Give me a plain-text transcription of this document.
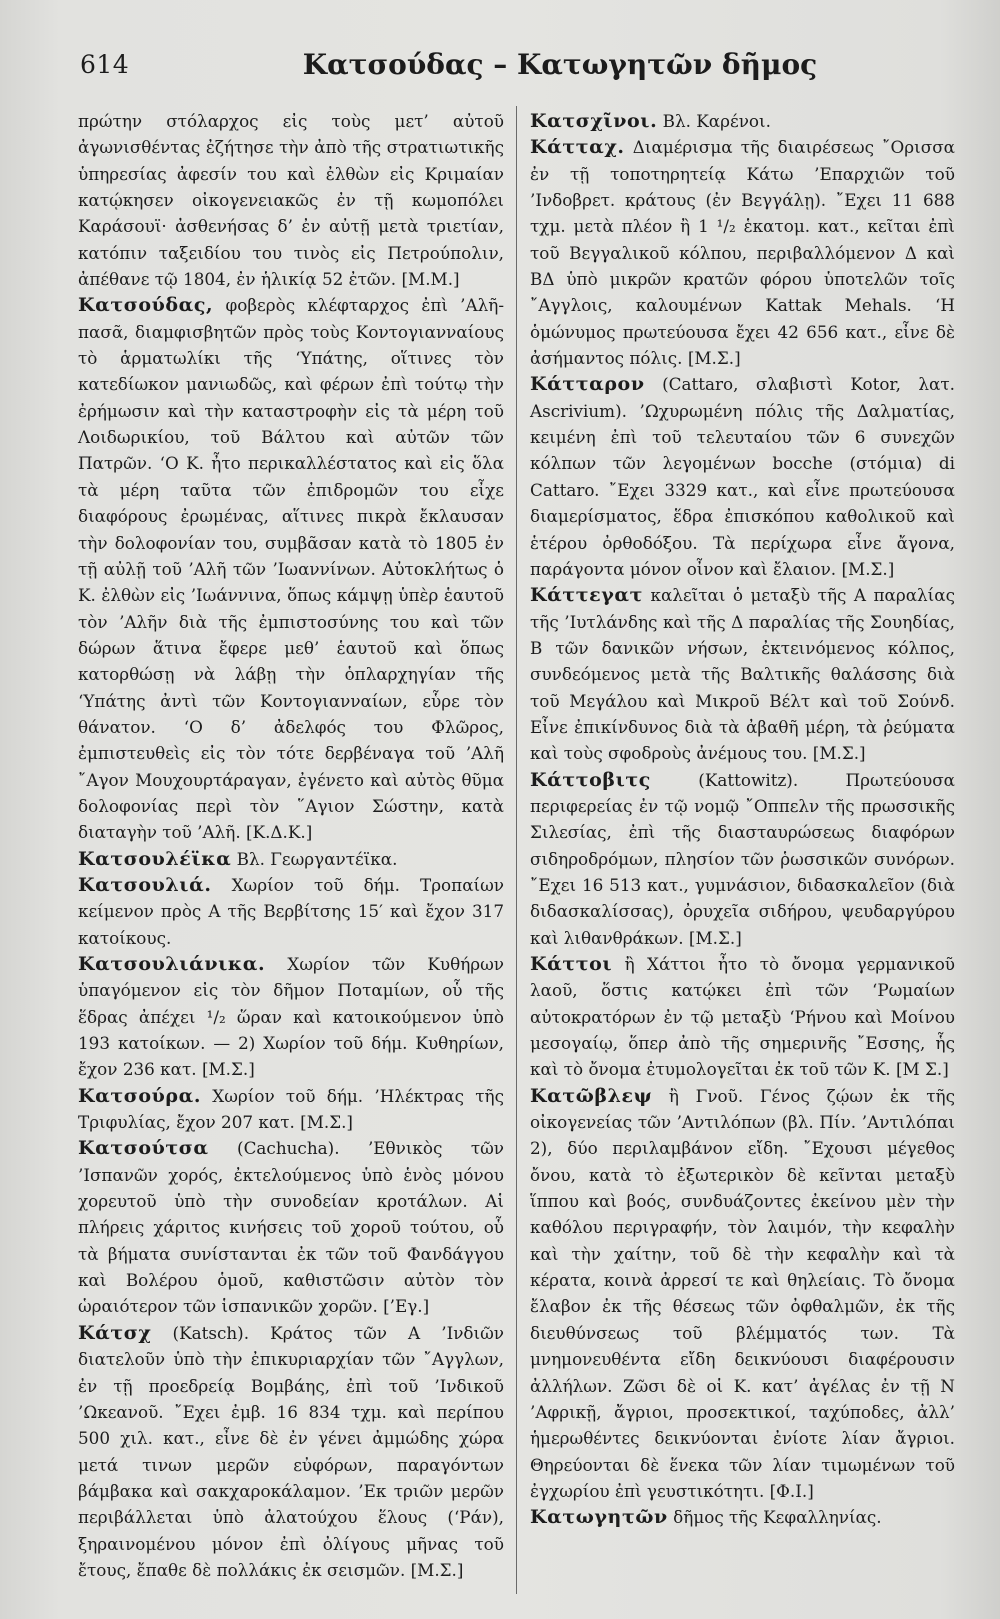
614	Κατσούδας – Κατωγητῶν δῆμος

πρώτην στόλαρχος εἰς τοὺς μετ’ αὐτοῦ ἀγωνισθέντας ἐζήτησε τὴν ἀπὸ τῆς στρατιωτικῆς ὑπηρεσίας ἀφεσίν του καὶ ἐλθὼν εἰς Κριμαίαν κατῴκησεν οἰκογενειακῶς ἐν τῇ κωμοπόλει Καράσουϊ· ἀσθενήσας δ’ ἐν αὐτῇ μετὰ τριετίαν, κατόπιν ταξειδίου του τινὸς εἰς Πετρούπολιν, ἀπέθανε τῷ 1804, ἐν ἡλικίᾳ 52 ἐτῶν. [Μ.Μ.]

Κατσούδας, φοβερὸς κλέφταρχος ἐπὶ ’Αλῆ-πασᾶ, διαμφισβητῶν πρὸς τοὺς Κοντογιανναίους τὸ ἁρματωλίκι τῆς ‘Υπάτης, οἵτινες τὸν κατεδίωκον μανιωδῶς, καὶ φέρων ἐπὶ τούτῳ τὴν ἐρήμωσιν καὶ τὴν καταστροφὴν εἰς τὰ μέρη τοῦ Λοιδωρικίου, τοῦ Βάλτου καὶ αὐτῶν τῶν Πατρῶν. ‘Ο Κ. ἦτο περικαλλέστατος καὶ εἰς ὅλα τὰ μέρη ταῦτα τῶν ἐπιδρομῶν του εἶχε διαφόρους ἐρωμένας, αἵτινες πικρὰ ἔκλαυσαν τὴν δολοφονίαν του, συμβᾶσαν κατὰ τὸ 1805 ἐν τῇ αὐλῇ τοῦ ’Αλῆ τῶν ’Ιωαννίνων. Αὐτοκλήτως ὁ Κ. ἐλθὼν εἰς ’Ιωάννινα, ὅπως κάμψῃ ὑπὲρ ἑαυτοῦ τὸν ’Αλῆν διὰ τῆς ἐμπιστοσύνης του καὶ τῶν δώρων ἅτινα ἔφερε μεθ’ ἑαυτοῦ καὶ ὅπως κατορθώσῃ νὰ λάβῃ τὴν ὁπλαρχηγίαν τῆς ‘Υπάτης ἀντὶ τῶν Κοντογιανναίων, εὗρε τὸν θάνατον. ‘Ο δ’ ἀδελφός του Φλῶρος, ἐμπιστευθεὶς εἰς τὸν τότε δερβέναγα τοῦ ’Αλῆ ῎Αγον Μουχουρτάραγαν, ἐγένετο καὶ αὐτὸς θῦμα δολοφονίας περὶ τὸν ῞Αγιον Σώστην, κατὰ διαταγὴν τοῦ ’Αλῆ. [Κ.Δ.Κ.]

Κατσουλέϊκα Βλ. Γεωργαντέϊκα.

Κατσουλιά. Χωρίον τοῦ δήμ. Τροπαίων κείμενον πρὸς Α τῆς Βερβίτσης 15′ καὶ ἔχον 317 κατοίκους.

Κατσουλιάνικα. Χωρίον τῶν Κυθήρων ὑπαγόμενον εἰς τὸν δῆμον Ποταμίων, οὗ τῆς ἕδρας ἀπέχει ¹/₂ ὥραν καὶ κατοικούμενον ὑπὸ 193 κατοίκων. — 2) Χωρίον τοῦ δήμ. Κυθηρίων, ἔχον 236 κατ. [Μ.Σ.]

Κατσούρα. Χωρίον τοῦ δήμ. ’Ηλέκτρας τῆς Τριφυλίας, ἔχον 207 κατ. [Μ.Σ.]

Κατσούτσα (Cachucha). ’Εθνικὸς τῶν ’Ισπανῶν χορός, ἐκτελούμενος ὑπὸ ἑνὸς μόνου χορευτοῦ ὑπὸ τὴν συνοδείαν κροτάλων. Αἱ πλήρεις χάριτος κινήσεις τοῦ χοροῦ τούτου, οὗ τὰ βήματα συνίστανται ἐκ τῶν τοῦ Φανδάγγου καὶ Βολέρου ὁμοῦ, καθιστῶσιν αὐτὸν τὸν ὡραιότερον τῶν ἱσπανικῶν χορῶν. [’Εγ.]

Κάτσχ (Katsch). Κράτος τῶν Α ’Ινδιῶν διατελοῦν ὑπὸ τὴν ἐπικυριαρχίαν τῶν ῎Αγγλων, ἐν τῇ προεδρείᾳ Βομβάης, ἐπὶ τοῦ ’Ινδικοῦ ’Ωκεανοῦ. ῎Εχει ἐμβ. 16 834 τχμ. καὶ περίπου 500 χιλ. κατ., εἶνε δὲ ἐν γένει ἀμμώδης χώρα μετά τινων μερῶν εὐφόρων, παραγόντων βάμβακα καὶ σακχαροκάλαμον. ’Εκ τριῶν μερῶν περιβάλλεται ὑπὸ ἁλατούχου ἕλους (‘Ράν), ξηραινομένου μόνον ἐπὶ ὀλίγους μῆνας τοῦ ἔτους, ἔπαθε δὲ πολλάκις ἐκ σεισμῶν. [Μ.Σ.]

Κατσχῖνοι. Βλ. Καρένοι.

Κάτταχ. Διαμέρισμα τῆς διαιρέσεως ῎Ορισσα ἐν τῇ τοποτηρητείᾳ Κάτω ’Επαρχιῶν τοῦ ’Ινδοβρετ. κράτους (ἐν Βεγγάλῃ). ῎Εχει 11 688 τχμ. μετὰ πλέον ἢ 1 ¹/₂ ἑκατομ. κατ., κεῖται ἐπὶ τοῦ Βεγγαλικοῦ κόλπου, περιβαλλόμενον Δ καὶ ΒΔ ὑπὸ μικρῶν κρατῶν φόρου ὑποτελῶν τοῖς ῎Αγγλοις, καλουμένων Kattak Mehals. ‘Η ὁμώνυμος πρωτεύουσα ἔχει 42 656 κατ., εἶνε δὲ ἀσήμαντος πόλις. [Μ.Σ.]

Κάτταρον (Cattaro, σλαβιστὶ Kotor, λατ. Ascrivium). ’Ωχυρωμένη πόλις τῆς Δαλματίας, κειμένη ἐπὶ τοῦ τελευταίου τῶν 6 συνεχῶν κόλπων τῶν λεγομένων bocche (στόμια) di Cattaro. ῎Εχει 3329 κατ., καὶ εἶνε πρωτεύουσα διαμερίσματος, ἕδρα ἐπισκόπου καθολικοῦ καὶ ἑτέρου ὀρθοδόξου. Τὰ περίχωρα εἶνε ἄγονα, παράγοντα μόνον οἶνον καὶ ἔλαιον. [Μ.Σ.]

Κάττεγατ καλεῖται ὁ μεταξὺ τῆς Α παραλίας τῆς ’Ιυτλάνδης καὶ τῆς Δ παραλίας τῆς Σουηδίας, Β τῶν δανικῶν νήσων, ἐκτεινόμενος κόλπος, συνδεόμενος μετὰ τῆς Βαλτικῆς θαλάσσης διὰ τοῦ Μεγάλου καὶ Μικροῦ Βέλτ καὶ τοῦ Σούνδ. Εἶνε ἐπικίνδυνος διὰ τὰ ἀβαθῆ μέρη, τὰ ῥεύματα καὶ τοὺς σφοδροὺς ἀνέμους του. [Μ.Σ.]

Κάττοβιτς (Kattowitz). Πρωτεύουσα περιφερείας ἐν τῷ νομῷ ῎Οππελν τῆς πρωσσικῆς Σιλεσίας, ἐπὶ τῆς διασταυρώσεως διαφόρων σιδηροδρόμων, πλησίον τῶν ῥωσσικῶν συνόρων. ῎Εχει 16 513 κατ., γυμνάσιον, διδασκαλεῖον (διὰ διδασκαλίσσας), ὀρυχεῖα σιδήρου, ψευδαργύρου καὶ λιθανθράκων. [Μ.Σ.]

Κάττοι ἢ Χάττοι ἦτο τὸ ὄνομα γερμανικοῦ λαοῦ, ὅστις κατῴκει ἐπὶ τῶν ‘Ρωμαίων αὐτοκρατόρων ἐν τῷ μεταξὺ ‘Ρήνου καὶ Μοίνου μεσογαίῳ, ὅπερ ἀπὸ τῆς σημερινῆς ῎Εσσης, ἧς καὶ τὸ ὄνομα ἐτυμολογεῖται ἐκ τοῦ τῶν Κ. [Μ Σ.]

Κατῶβλεψ ἢ Γνοῦ. Γένος ζῴων ἐκ τῆς οἰκογενείας τῶν ’Αντιλόπων (βλ. Πίν. ’Αντιλόπαι 2), δύο περιλαμβάνον εἴδη. ῎Εχουσι μέγεθος ὄνου, κατὰ τὸ ἐξωτερικὸν δὲ κεῖνται μεταξὺ ἵππου καὶ βοός, συνδυάζοντες ἐκείνου μὲν τὴν καθόλου περιγραφήν, τὸν λαιμόν, τὴν κεφαλὴν καὶ τὴν χαίτην, τοῦ δὲ τὴν κεφαλὴν καὶ τὰ κέρατα, κοινὰ ἀρρεσί τε καὶ θηλείαις. Τὸ ὄνομα ἔλαβον ἐκ τῆς θέσεως τῶν ὀφθαλμῶν, ἐκ τῆς διευθύνσεως τοῦ βλέμματός των. Τὰ μνημονευθέντα εἴδη δεικνύουσι διαφέρουσιν ἀλλήλων. Ζῶσι δὲ οἱ Κ. κατ’ ἀγέλας ἐν τῇ Ν ’Αφρικῇ, ἄγριοι, προσεκτικοί, ταχύποδες, ἀλλ’ ἡμερωθέντες δεικνύονται ἐνίοτε λίαν ἄγριοι. Θηρεύονται δὲ ἕνεκα τῶν λίαν τιμωμένων τοῦ ἐγχωρίου ἐπὶ γευστικότητι. [Φ.Ι.]

Κατωγητῶν δῆμος τῆς Κεφαλληνίας.
